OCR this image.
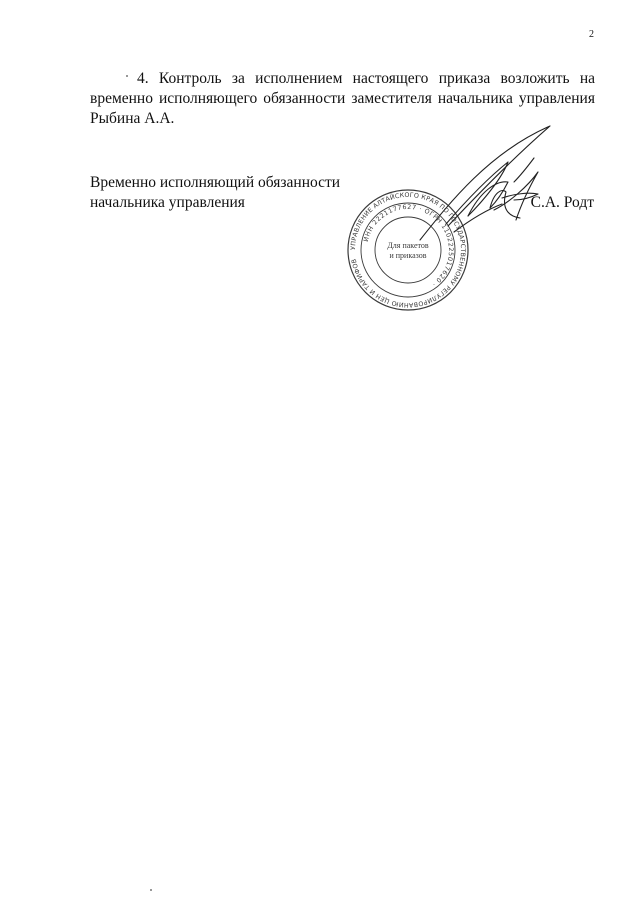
2
4. Контроль за исполнением настоящего приказа возложить на
временно исполняющего обязанности заместителя начальника управления
Рыбина А.А.
Временно исполняющий обязанности
начальника управления	С.А. Родт
УПРАВЛЕНИЕ АЛТАЙСКОГО КРАЯ ПО ГОСУДАРСТВЕННОМУ РЕГУЛИРОВАНИЮ ЦЕН И ТАРИФОВ
ИНН 2221177627 · ОГРН 1102225017620 ·
Для пакетов
и приказов
